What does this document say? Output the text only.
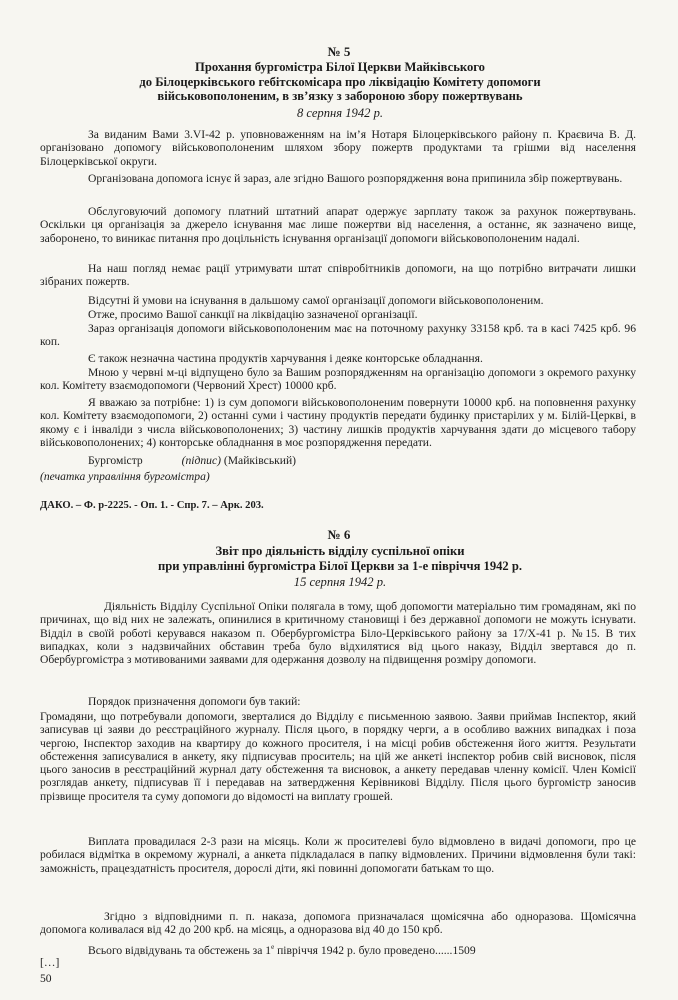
№ 5
Прохання бургомістра Білої Церкви Майківського
до Білоцерківського гебітскомісара про ліквідацію Комітету допомоги
військовополоненим, в зв’язку з забороною збору пожертвувань
8 серпня 1942 р.

За виданим Вами 3.VI-42 р. уповноваженням на ім’я Нотаря Білоцерківського району п. Краєвича В. Д. організовано допомогу військовополоненим шляхом збору пожертв продуктами та грішми від населення Білоцерківської округи.

Організована допомога існує й зараз, але згідно Вашого розпорядження вона припинила збір пожертвувань.

Обслуговуючий допомогу платний штатний апарат одержує зарплату також за рахунок пожертвувань. Оскільки ця організація за джерело існування має лише пожертви від населення, а останнє, як зазначено вище, заборонено, то виникає питання про доцільність існування організації допомоги військовополоненим надалі.

На наш погляд немає рації утримувати штат співробітників допомоги, на що потрібно витрачати лишки зібраних пожертв.

Відсутні й умови на існування в дальшому самої організації допомоги військовополоненим.

Отже, просимо Вашої санкції на ліквідацію зазначеної організації.

Зараз організація допомоги військовополоненим має на поточному рахунку 33158 крб. та в касі 7425 крб. 96 коп.

Є також незначна частина продуктів харчування і деяке конторське обладнання.

Мною у червні м-ці відпущено було за Вашим розпорядженням на організацію допомоги з окремого рахунку кол. Комітету взаємодопомоги (Червоний Хрест) 10000 крб.

Я вважаю за потрібне: 1) із сум допомоги військовополоненим повернути 10000 крб. на поповнення рахунку кол. Комітету взаємодопомоги, 2) останні суми і частину продуктів передати будинку пристарілих у м. Білій-Церкві, в якому є і інваліди з числа військовополонених; 3) частину лишків продуктів харчування здати до місцевого табору військовополонених; 4) конторське обладнання в моє розпорядження передати.

Бургомістр	(підпис) (Майківський)
(печатка управління бургомістра)
ДАКО. – Ф. р-2225. - Оп. 1. - Спр. 7. – Арк. 203.
№ 6
Звіт про діяльність відділу суспільної опіки
при управлінні бургомістра Білої Церкви за 1-е півріччя 1942 р.
15 серпня 1942 р.

Діяльність Відділу Суспільної Опіки полягала в тому, щоб допомогти матеріально тим громадянам, які по причинах, що від них не залежать, опинилися в критичному становищі і без державної допомоги не можуть існувати. Відділ в своїй роботі керувався наказом п. Обербургомістра Біло-Церківського району за 17/X-41 р. №15. В тих випадках, коли з надзвичайних обставин треба було відхилятися від цього наказу, Відділ звертався до п. Обербургомістра з мотивованими заявами для одержання дозволу на підвищення розміру допомоги.

Порядок призначення допомоги був такий:

Громадяни, що потребували допомоги, зверталися до Відділу є письменною заявою. Заяви приймав Інспектор, який записував ці заяви до реєстраційного журналу. Після цього, в порядку черги, а в особливо важних випадках і поза чергою, Інспектор заходив на квартиру до кожного просителя, і на місці робив обстеження його життя. Результати обстеження записувалися в анкету, яку підписував проситель; на цій же анкеті інспектор робив свій висновок, після цього заносив в реєстраційний журнал дату обстеження та висновок, а анкету передавав членну комісії. Член Комісії розглядав анкету, підписував її і передавав на затвердження Керівникові Відділу. Після цього бургомістр заносив прізвище просителя та суму допомоги до відомості на виплату грошей.

Виплата провадилася 2-3 рази на місяць. Коли ж просителеві було відмовлено в видачі допомоги, про це робилася відмітка в окремому журналі, а анкета підкладалася в папку відмовлених. Причини відмовлення були такі: заможність, працездатність просителя, дорослі діти, які повинні допомогати батькам то що.

Згідно з відповідними п. п. наказа, допомога призначалася щомісячна або одноразова. Щомісячна допомога коливалася від 42 до 200 крб. на місяць, а одноразова від 40 до 150 крб.

Всього відвідувань та обстежень за $1^е$ півріччя 1942 р. було проведено......1509
[…]
50
